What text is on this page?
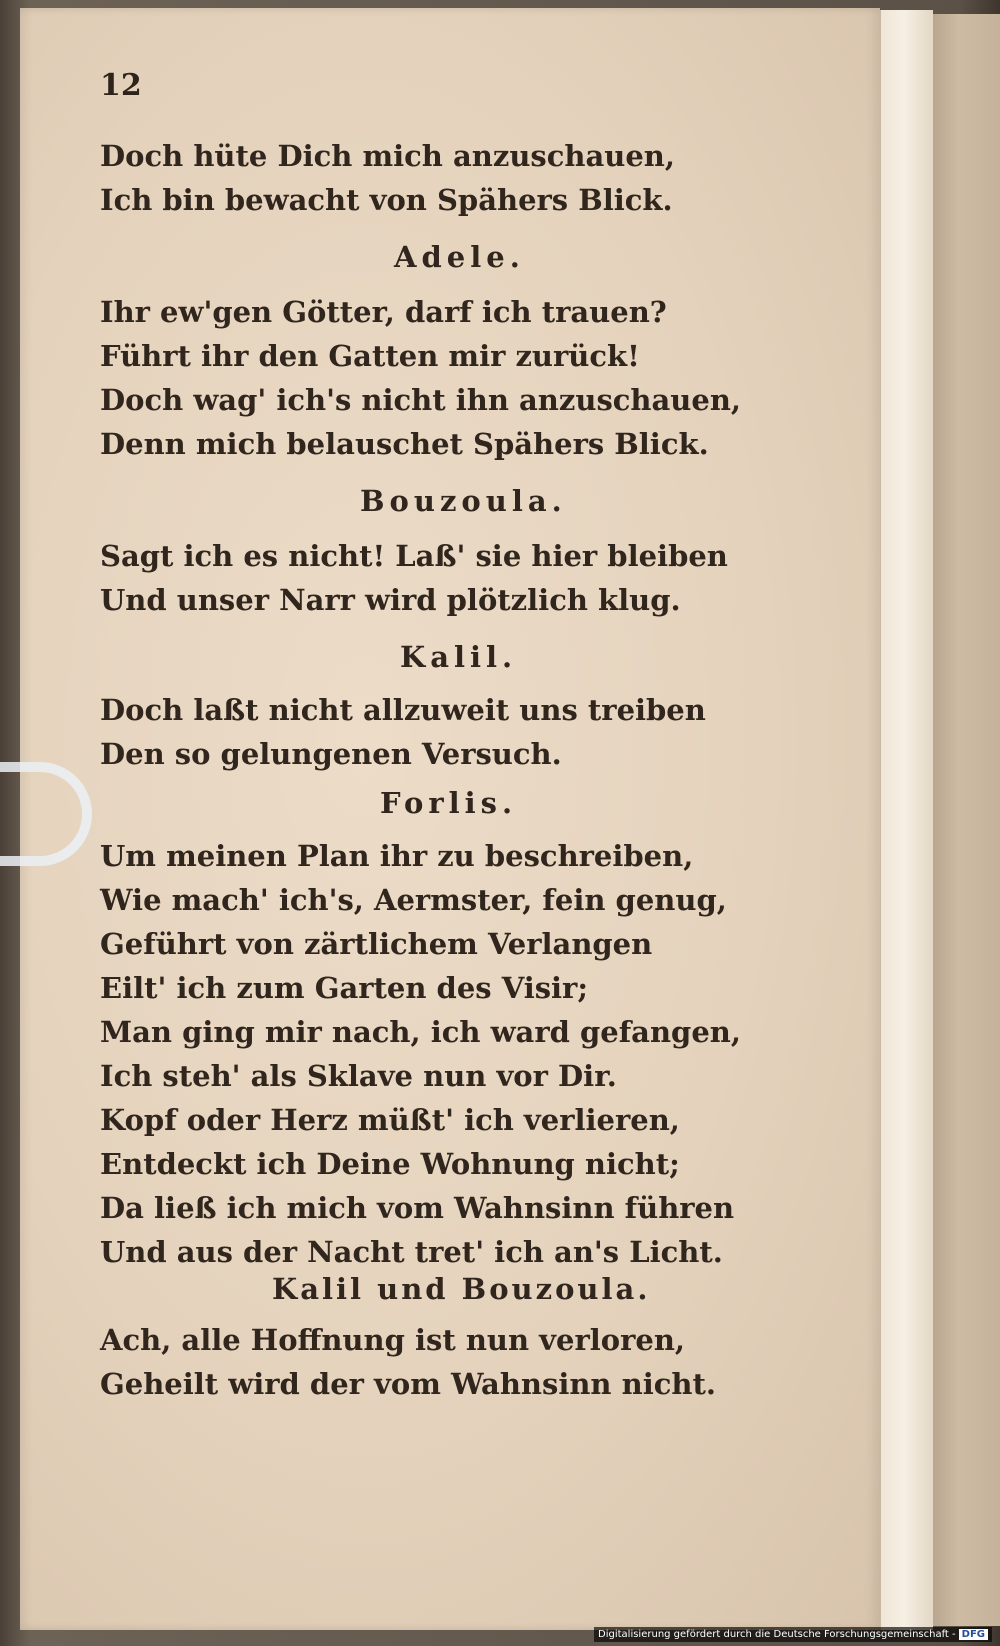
12
Doch hüte Dich mich anzuschauen,
Ich bin bewacht von Spähers Blick.
Adele.
Ihr ew'gen Götter, darf ich trauen?
Führt ihr den Gatten mir zurück!
Doch wag' ich's nicht ihn anzuschauen,
Denn mich belauschet Spähers Blick.
Bouzoula.
Sagt ich es nicht! Laß' sie hier bleiben
Und unser Narr wird plötzlich klug.
Kalil.
Doch laßt nicht allzuweit uns treiben
Den so gelungenen Versuch.
Forlis.
Um meinen Plan ihr zu beschreiben,
Wie mach' ich's, Aermster, fein genug,
Geführt von zärtlichem Verlangen
Eilt' ich zum Garten des Visir;
Man ging mir nach, ich ward gefangen,
Ich steh' als Sklave nun vor Dir.
Kopf oder Herz müßt' ich verlieren,
Entdeckt ich Deine Wohnung nicht;
Da ließ ich mich vom Wahnsinn führen
Und aus der Nacht tret' ich an's Licht.
Kalil und Bouzoula.
Ach, alle Hoffnung ist nun verloren,
Geheilt wird der vom Wahnsinn nicht.
Digitalisierung gefördert durch die Deutsche Forschungsgemeinschaft - DFG
